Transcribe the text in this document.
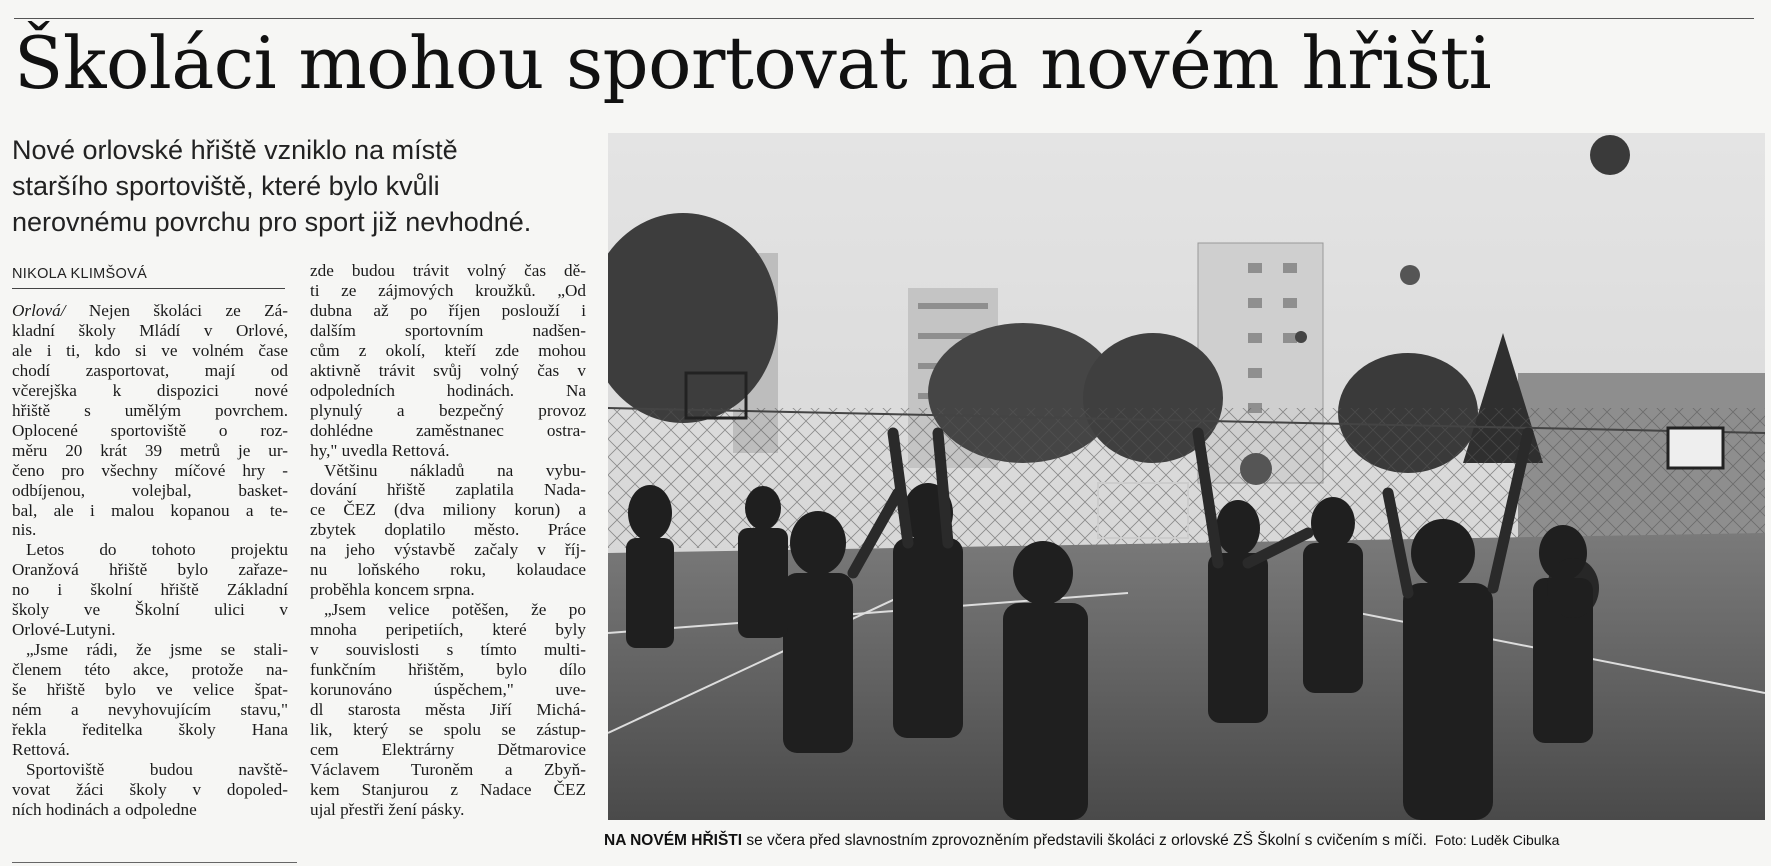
Školáci mohou sportovat na novém hřišti
Nové orlovské hřiště vzniklo na místě
staršího sportoviště, které bylo kvůli
nerovnému povrchu pro sport již nevhodné.
NIKOLA KLIMŠOVÁ
Orlová/ Nejen školáci ze Zá-
kladní školy Mládí v Orlové,
ale i ti, kdo si ve volném čase
chodí zasportovat, mají od
včerejška k dispozici nové
hřiště s umělým povrchem.
Oplocené sportoviště o roz-
měru 20 krát 39 metrů je ur-
čeno pro všechny míčové hry -
odbíjenou, volejbal, basket-
bal, ale i malou kopanou a te-
nis.
Letos do tohoto projektu
Oranžová hřiště bylo zařaze-
no i školní hřiště Základní
školy ve Školní ulici v
Orlové-Lutyni.
„Jsme rádi, že jsme se stali-
členem této akce, protože na-
še hřiště bylo ve velice špat-
ném a nevyhovujícím stavu,"
řekla ředitelka školy Hana
Rettová.
Sportoviště budou navště-
vovat žáci školy v dopoled-
ních hodinách a odpoledne
zde budou trávit volný čas dě-
ti ze zájmových kroužků. „Od
dubna až po říjen poslouží i
dalším sportovním nadšen-
cům z okolí, kteří zde mohou
aktivně trávit svůj volný čas v
odpoledních hodinách. Na
plynulý a bezpečný provoz
dohlédne zaměstnanec ostra-
hy," uvedla Rettová.
Většinu nákladů na vybu-
dování hřiště zaplatila Nada-
ce ČEZ (dva miliony korun) a
zbytek doplatilo město. Práce
na jeho výstavbě začaly v říj-
nu loňského roku, kolaudace
proběhla koncem srpna.
„Jsem velice potěšen, že po
mnoha peripetiích, které byly
v souvislosti s tímto multi-
funkčním hřištěm, bylo dílo
korunováno úspěchem," uve-
dl starosta města Jiří Michá-
lik, který se spolu se zástup-
cem Elektrárny Dětmarovice
Václavem Turoněm a Zbyň-
kem Stanjurou z Nadace ČEZ
ujal přestři žení pásky.
NA NOVÉM HŘIŠTI se včera před slavnostním zprovozněním představili školáci z orlovské ZŠ Školní s cvičením s míči. Foto: Luděk Cibulka
